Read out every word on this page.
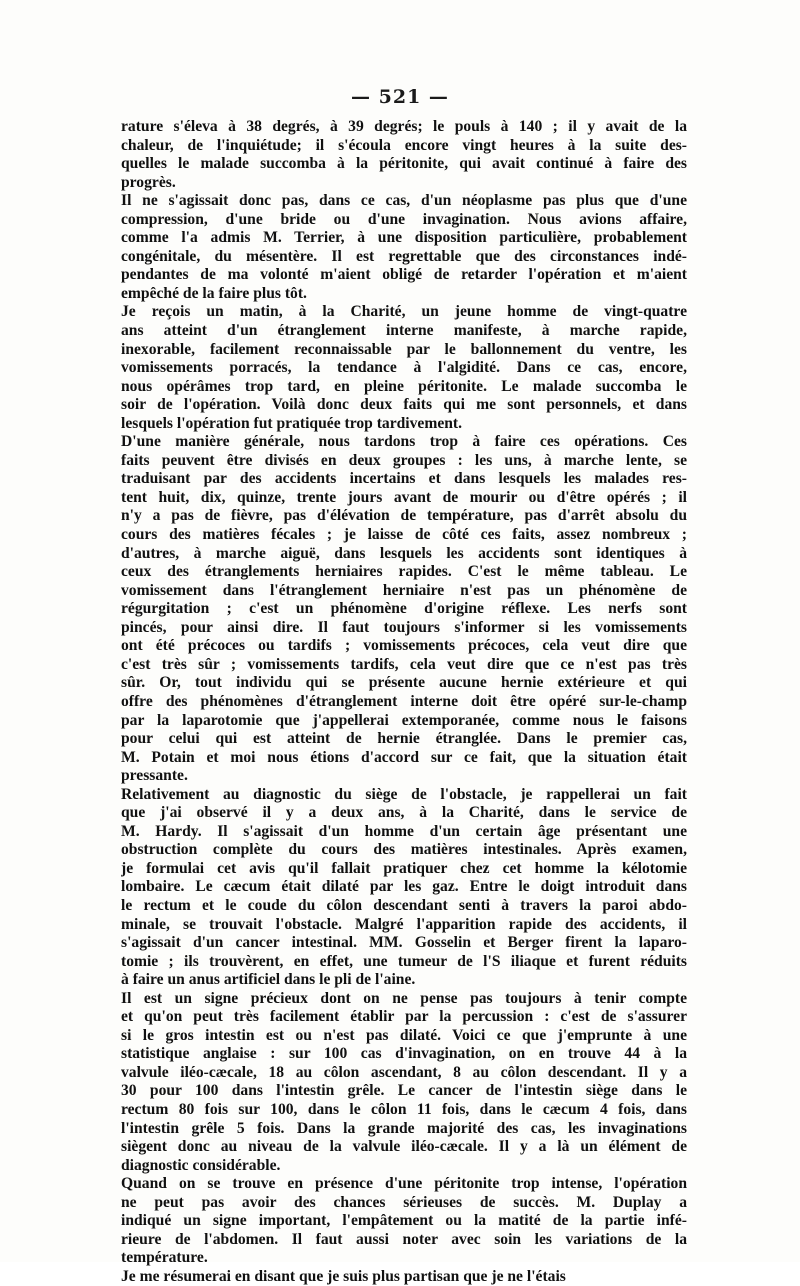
— 521 —
rature s'éleva à 38 degrés, à 39 degrés; le pouls à 140 ; il y avait de la
chaleur, de l'inquiétude; il s'écoula encore vingt heures à la suite des-
quelles le malade succomba à la péritonite, qui avait continué à faire des
progrès.
Il ne s'agissait donc pas, dans ce cas, d'un néoplasme pas plus que d'une
compression, d'une bride ou d'une invagination. Nous avions affaire,
comme l'a admis M. Terrier, à une disposition particulière, probablement
congénitale, du mésentère. Il est regrettable que des circonstances indé-
pendantes de ma volonté m'aient obligé de retarder l'opération et m'aient
empêché de la faire plus tôt.
Je reçois un matin, à la Charité, un jeune homme de vingt-quatre
ans atteint d'un étranglement interne manifeste, à marche rapide,
inexorable, facilement reconnaissable par le ballonnement du ventre, les
vomissements porracés, la tendance à l'algidité. Dans ce cas, encore,
nous opérâmes trop tard, en pleine péritonite. Le malade succomba le
soir de l'opération. Voilà donc deux faits qui me sont personnels, et dans
lesquels l'opération fut pratiquée trop tardivement.
D'une manière générale, nous tardons trop à faire ces opérations. Ces
faits peuvent être divisés en deux groupes : les uns, à marche lente, se
traduisant par des accidents incertains et dans lesquels les malades res-
tent huit, dix, quinze, trente jours avant de mourir ou d'être opérés ; il
n'y a pas de fièvre, pas d'élévation de température, pas d'arrêt absolu du
cours des matières fécales ; je laisse de côté ces faits, assez nombreux ;
d'autres, à marche aiguë, dans lesquels les accidents sont identiques à
ceux des étranglements herniaires rapides. C'est le même tableau. Le
vomissement dans l'étranglement herniaire n'est pas un phénomène de
régurgitation ; c'est un phénomène d'origine réflexe. Les nerfs sont
pincés, pour ainsi dire. Il faut toujours s'informer si les vomissements
ont été précoces ou tardifs ; vomissements précoces, cela veut dire que
c'est très sûr ; vomissements tardifs, cela veut dire que ce n'est pas très
sûr. Or, tout individu qui se présente aucune hernie extérieure et qui
offre des phénomènes d'étranglement interne doit être opéré sur-le-champ
par la laparotomie que j'appellerai extemporanée, comme nous le faisons
pour celui qui est atteint de hernie étranglée. Dans le premier cas,
M. Potain et moi nous étions d'accord sur ce fait, que la situation était
pressante.
Relativement au diagnostic du siège de l'obstacle, je rappellerai un fait
que j'ai observé il y a deux ans, à la Charité, dans le service de
M. Hardy. Il s'agissait d'un homme d'un certain âge présentant une
obstruction complète du cours des matières intestinales. Après examen,
je formulai cet avis qu'il fallait pratiquer chez cet homme la kélotomie
lombaire. Le cæcum était dilaté par les gaz. Entre le doigt introduit dans
le rectum et le coude du côlon descendant senti à travers la paroi abdo-
minale, se trouvait l'obstacle. Malgré l'apparition rapide des accidents, il
s'agissait d'un cancer intestinal. MM. Gosselin et Berger firent la laparo-
tomie ; ils trouvèrent, en effet, une tumeur de l'S iliaque et furent réduits
à faire un anus artificiel dans le pli de l'aine.
Il est un signe précieux dont on ne pense pas toujours à tenir compte
et qu'on peut très facilement établir par la percussion : c'est de s'assurer
si le gros intestin est ou n'est pas dilaté. Voici ce que j'emprunte à une
statistique anglaise : sur 100 cas d'invagination, on en trouve 44 à la
valvule iléo-cæcale, 18 au côlon ascendant, 8 au côlon descendant. Il y a
30 pour 100 dans l'intestin grêle. Le cancer de l'intestin siège dans le
rectum 80 fois sur 100, dans le côlon 11 fois, dans le cæcum 4 fois, dans
l'intestin grêle 5 fois. Dans la grande majorité des cas, les invaginations
siègent donc au niveau de la valvule iléo-cæcale. Il y a là un élément de
diagnostic considérable.
Quand on se trouve en présence d'une péritonite trop intense, l'opération
ne peut pas avoir des chances sérieuses de succès. M. Duplay a
indiqué un signe important, l'empâtement ou la matité de la partie infé-
rieure de l'abdomen. Il faut aussi noter avec soin les variations de la
température.
Je me résumerai en disant que je suis plus partisan que je ne l'étais
